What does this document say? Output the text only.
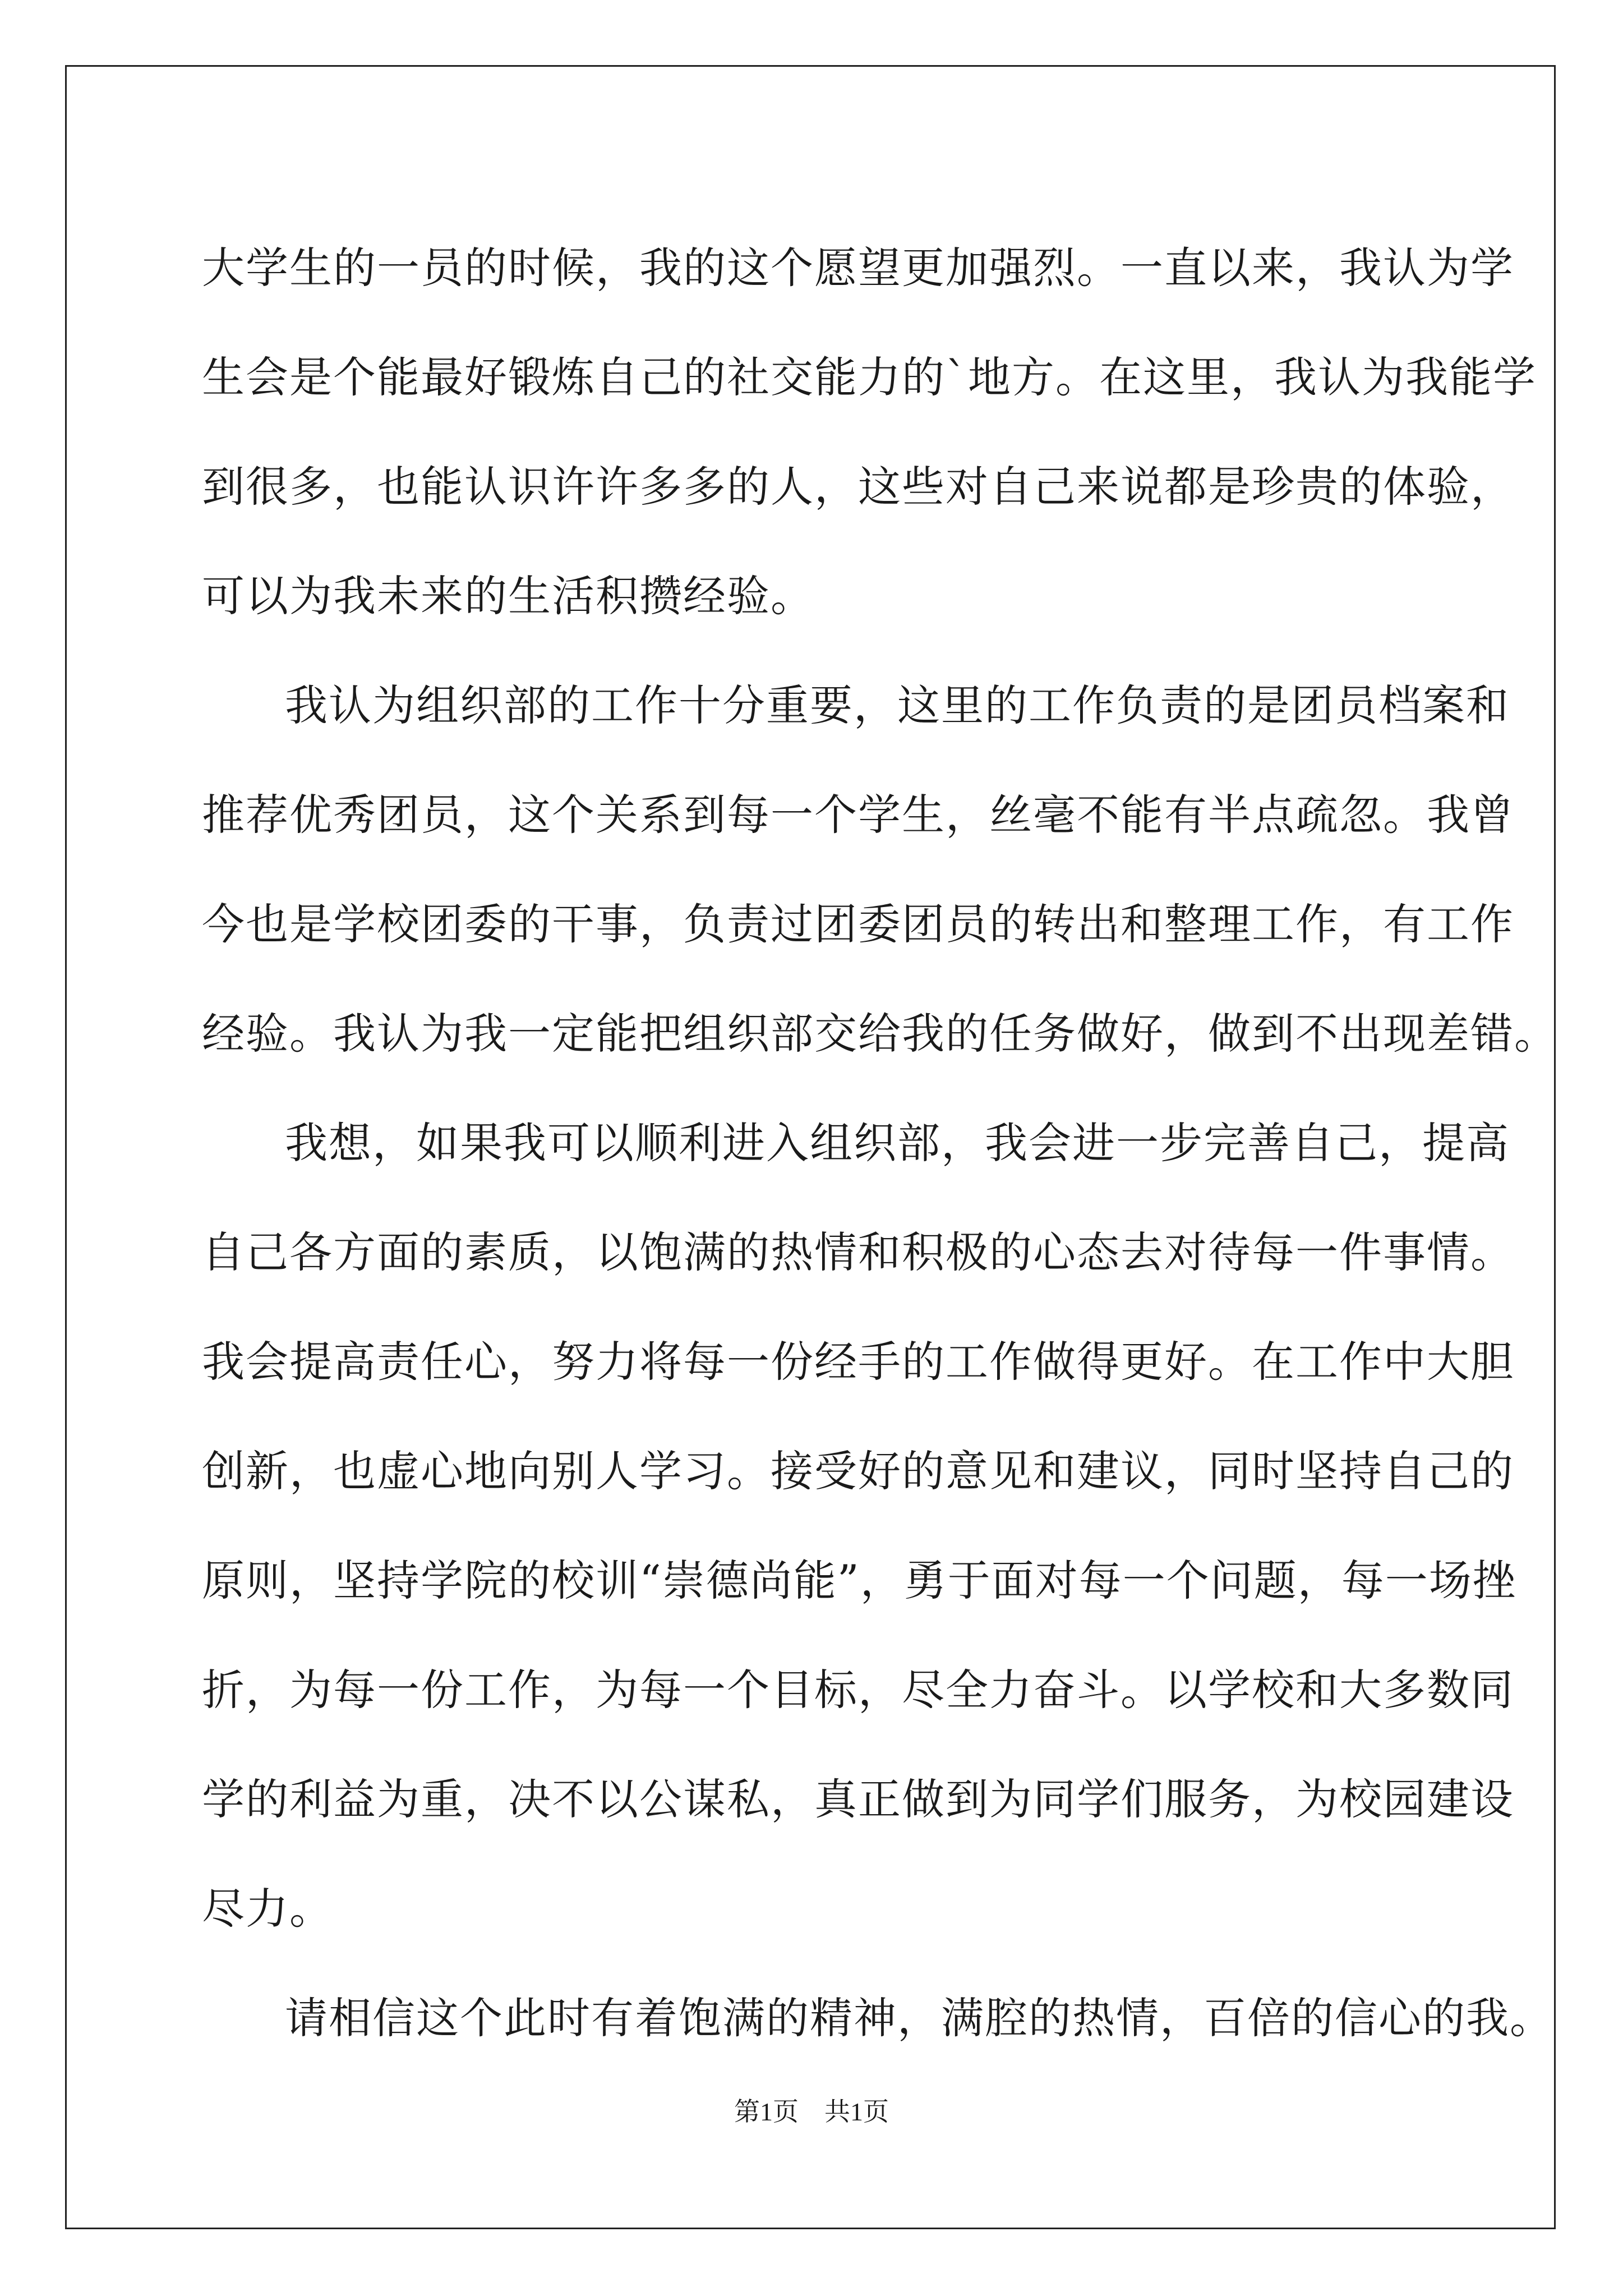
大学生的一员的时候，我的这个愿望更加强烈。一直以来，我认为学
生会是个能最好锻炼自己的社交能力的`地方。在这里，我认为我能学
到很多，也能认识许许多多的人，这些对自己来说都是珍贵的体验，
可以为我未来的生活积攒经验。
我认为组织部的工作十分重要，这里的工作负责的是团员档案和
推荐优秀团员，这个关系到每一个学生，丝毫不能有半点疏忽。我曾
今也是学校团委的干事，负责过团委团员的转出和整理工作，有工作
经验。我认为我一定能把组织部交给我的任务做好，做到不出现差错。
我想，如果我可以顺利进入组织部，我会进一步完善自己，提高
自己各方面的素质，以饱满的热情和积极的心态去对待每一件事情。
我会提高责任心，努力将每一份经手的工作做得更好。在工作中大胆
创新，也虚心地向别人学习。接受好的意见和建议，同时坚持自己的
原则，坚持学院的校训“崇德尚能”，勇于面对每一个问题，每一场挫
折，为每一份工作，为每一个目标，尽全力奋斗。以学校和大多数同
学的利益为重，决不以公谋私，真正做到为同学们服务，为校园建设
尽力。
请相信这个此时有着饱满的精神，满腔的热情，百倍的信心的我。
第1页　共1页
